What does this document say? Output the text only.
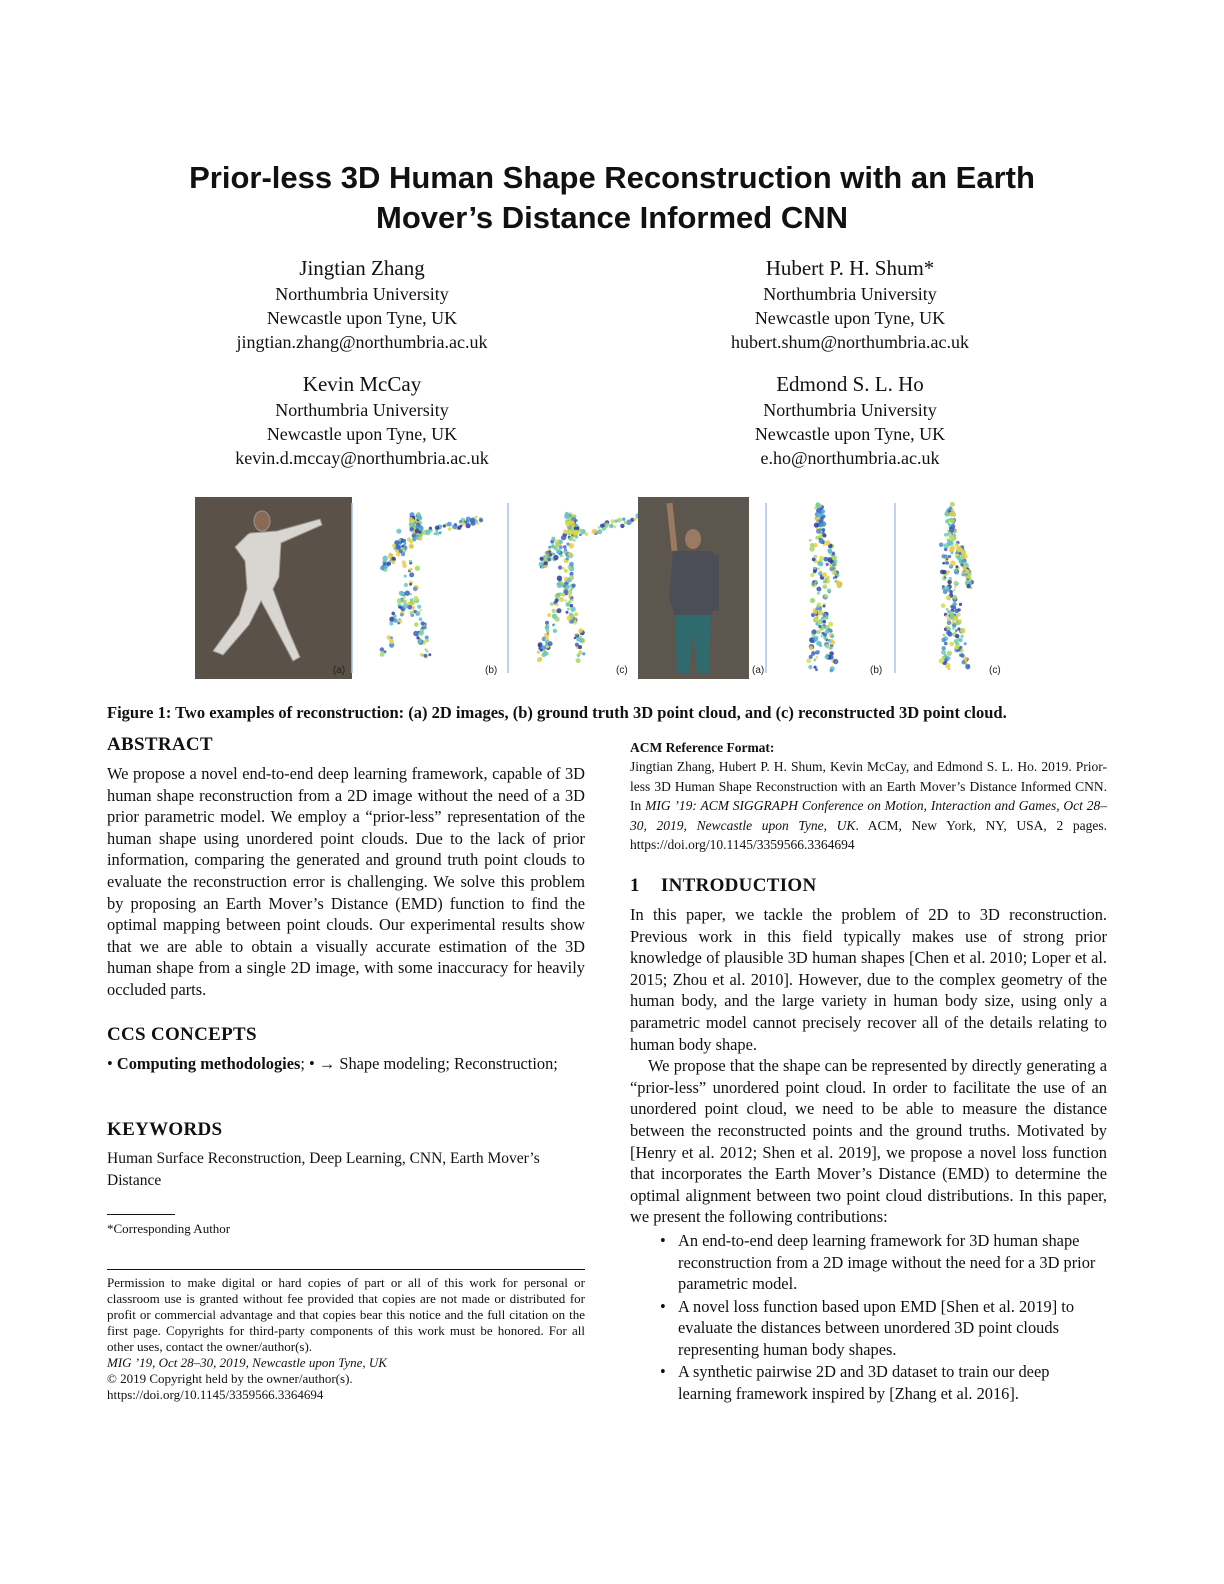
Prior-less 3D Human Shape Reconstruction with an Earth
Mover’s Distance Informed CNN
Jingtian Zhang
Northumbria University
Newcastle upon Tyne, UK
jingtian.zhang@northumbria.ac.uk
Hubert P. H. Shum*
Northumbria University
Newcastle upon Tyne, UK
hubert.shum@northumbria.ac.uk
Kevin McCay
Northumbria University
Newcastle upon Tyne, UK
kevin.d.mccay@northumbria.ac.uk
Edmond S. L. Ho
Northumbria University
Newcastle upon Tyne, UK
e.ho@northumbria.ac.uk
(a)	(b)	(c)	(a)	(b)	(c)
Figure 1: Two examples of reconstruction: (a) 2D images, (b) ground truth 3D point cloud, and (c) reconstructed 3D point cloud.
ABSTRACT
We propose a novel end-to-end deep learning framework, capable of 3D human shape reconstruction from a 2D image without the need of a 3D prior parametric model. We employ a “prior-less” representation of the human shape using unordered point clouds. Due to the lack of prior information, comparing the generated and ground truth point clouds to evaluate the reconstruction error is challenging. We solve this problem by proposing an Earth Mover’s Distance (EMD) function to find the optimal mapping between point clouds. Our experimental results show that we are able to obtain a visually accurate estimation of the 3D human shape from a single 2D image, with some inaccuracy for heavily occluded parts.
CCS CONCEPTS
• Computing methodologies; • → Shape modeling; Reconstruction;
KEYWORDS
Human Surface Reconstruction, Deep Learning, CNN, Earth Mover’s Distance
*Corresponding Author
Permission to make digital or hard copies of part or all of this work for personal or classroom use is granted without fee provided that copies are not made or distributed for profit or commercial advantage and that copies bear this notice and the full citation on the first page. Copyrights for third-party components of this work must be honored. For all other uses, contact the owner/author(s).
MIG ’19, Oct 28–30, 2019, Newcastle upon Tyne, UK
© 2019 Copyright held by the owner/author(s).
https://doi.org/10.1145/3359566.3364694
ACM Reference Format:
Jingtian Zhang, Hubert P. H. Shum, Kevin McCay, and Edmond S. L. Ho. 2019. Prior-less 3D Human Shape Reconstruction with an Earth Mover’s Distance Informed CNN. In MIG ’19: ACM SIGGRAPH Conference on Motion, Interaction and Games, Oct 28–30, 2019, Newcastle upon Tyne, UK. ACM, New York, NY, USA, 2 pages. https://doi.org/10.1145/3359566.3364694
1 INTRODUCTION
In this paper, we tackle the problem of 2D to 3D reconstruction. Previous work in this field typically makes use of strong prior knowledge of plausible 3D human shapes [Chen et al. 2010; Loper et al. 2015; Zhou et al. 2010]. However, due to the complex geometry of the human body, and the large variety in human body size, using only a parametric model cannot precisely recover all of the details relating to human body shape.
We propose that the shape can be represented by directly generating a “prior-less” unordered point cloud. In order to facilitate the use of an unordered point cloud, we need to be able to measure the distance between the reconstructed points and the ground truths. Motivated by [Henry et al. 2012; Shen et al. 2019], we propose a novel loss function that incorporates the Earth Mover’s Distance (EMD) to determine the optimal alignment between two point cloud distributions. In this paper, we present the following contributions:
• An end-to-end deep learning framework for 3D human shape reconstruction from a 2D image without the need for a 3D prior parametric model.
• A novel loss function based upon EMD [Shen et al. 2019] to evaluate the distances between unordered 3D point clouds representing human body shapes.
• A synthetic pairwise 2D and 3D dataset to train our deep learning framework inspired by [Zhang et al. 2016].
